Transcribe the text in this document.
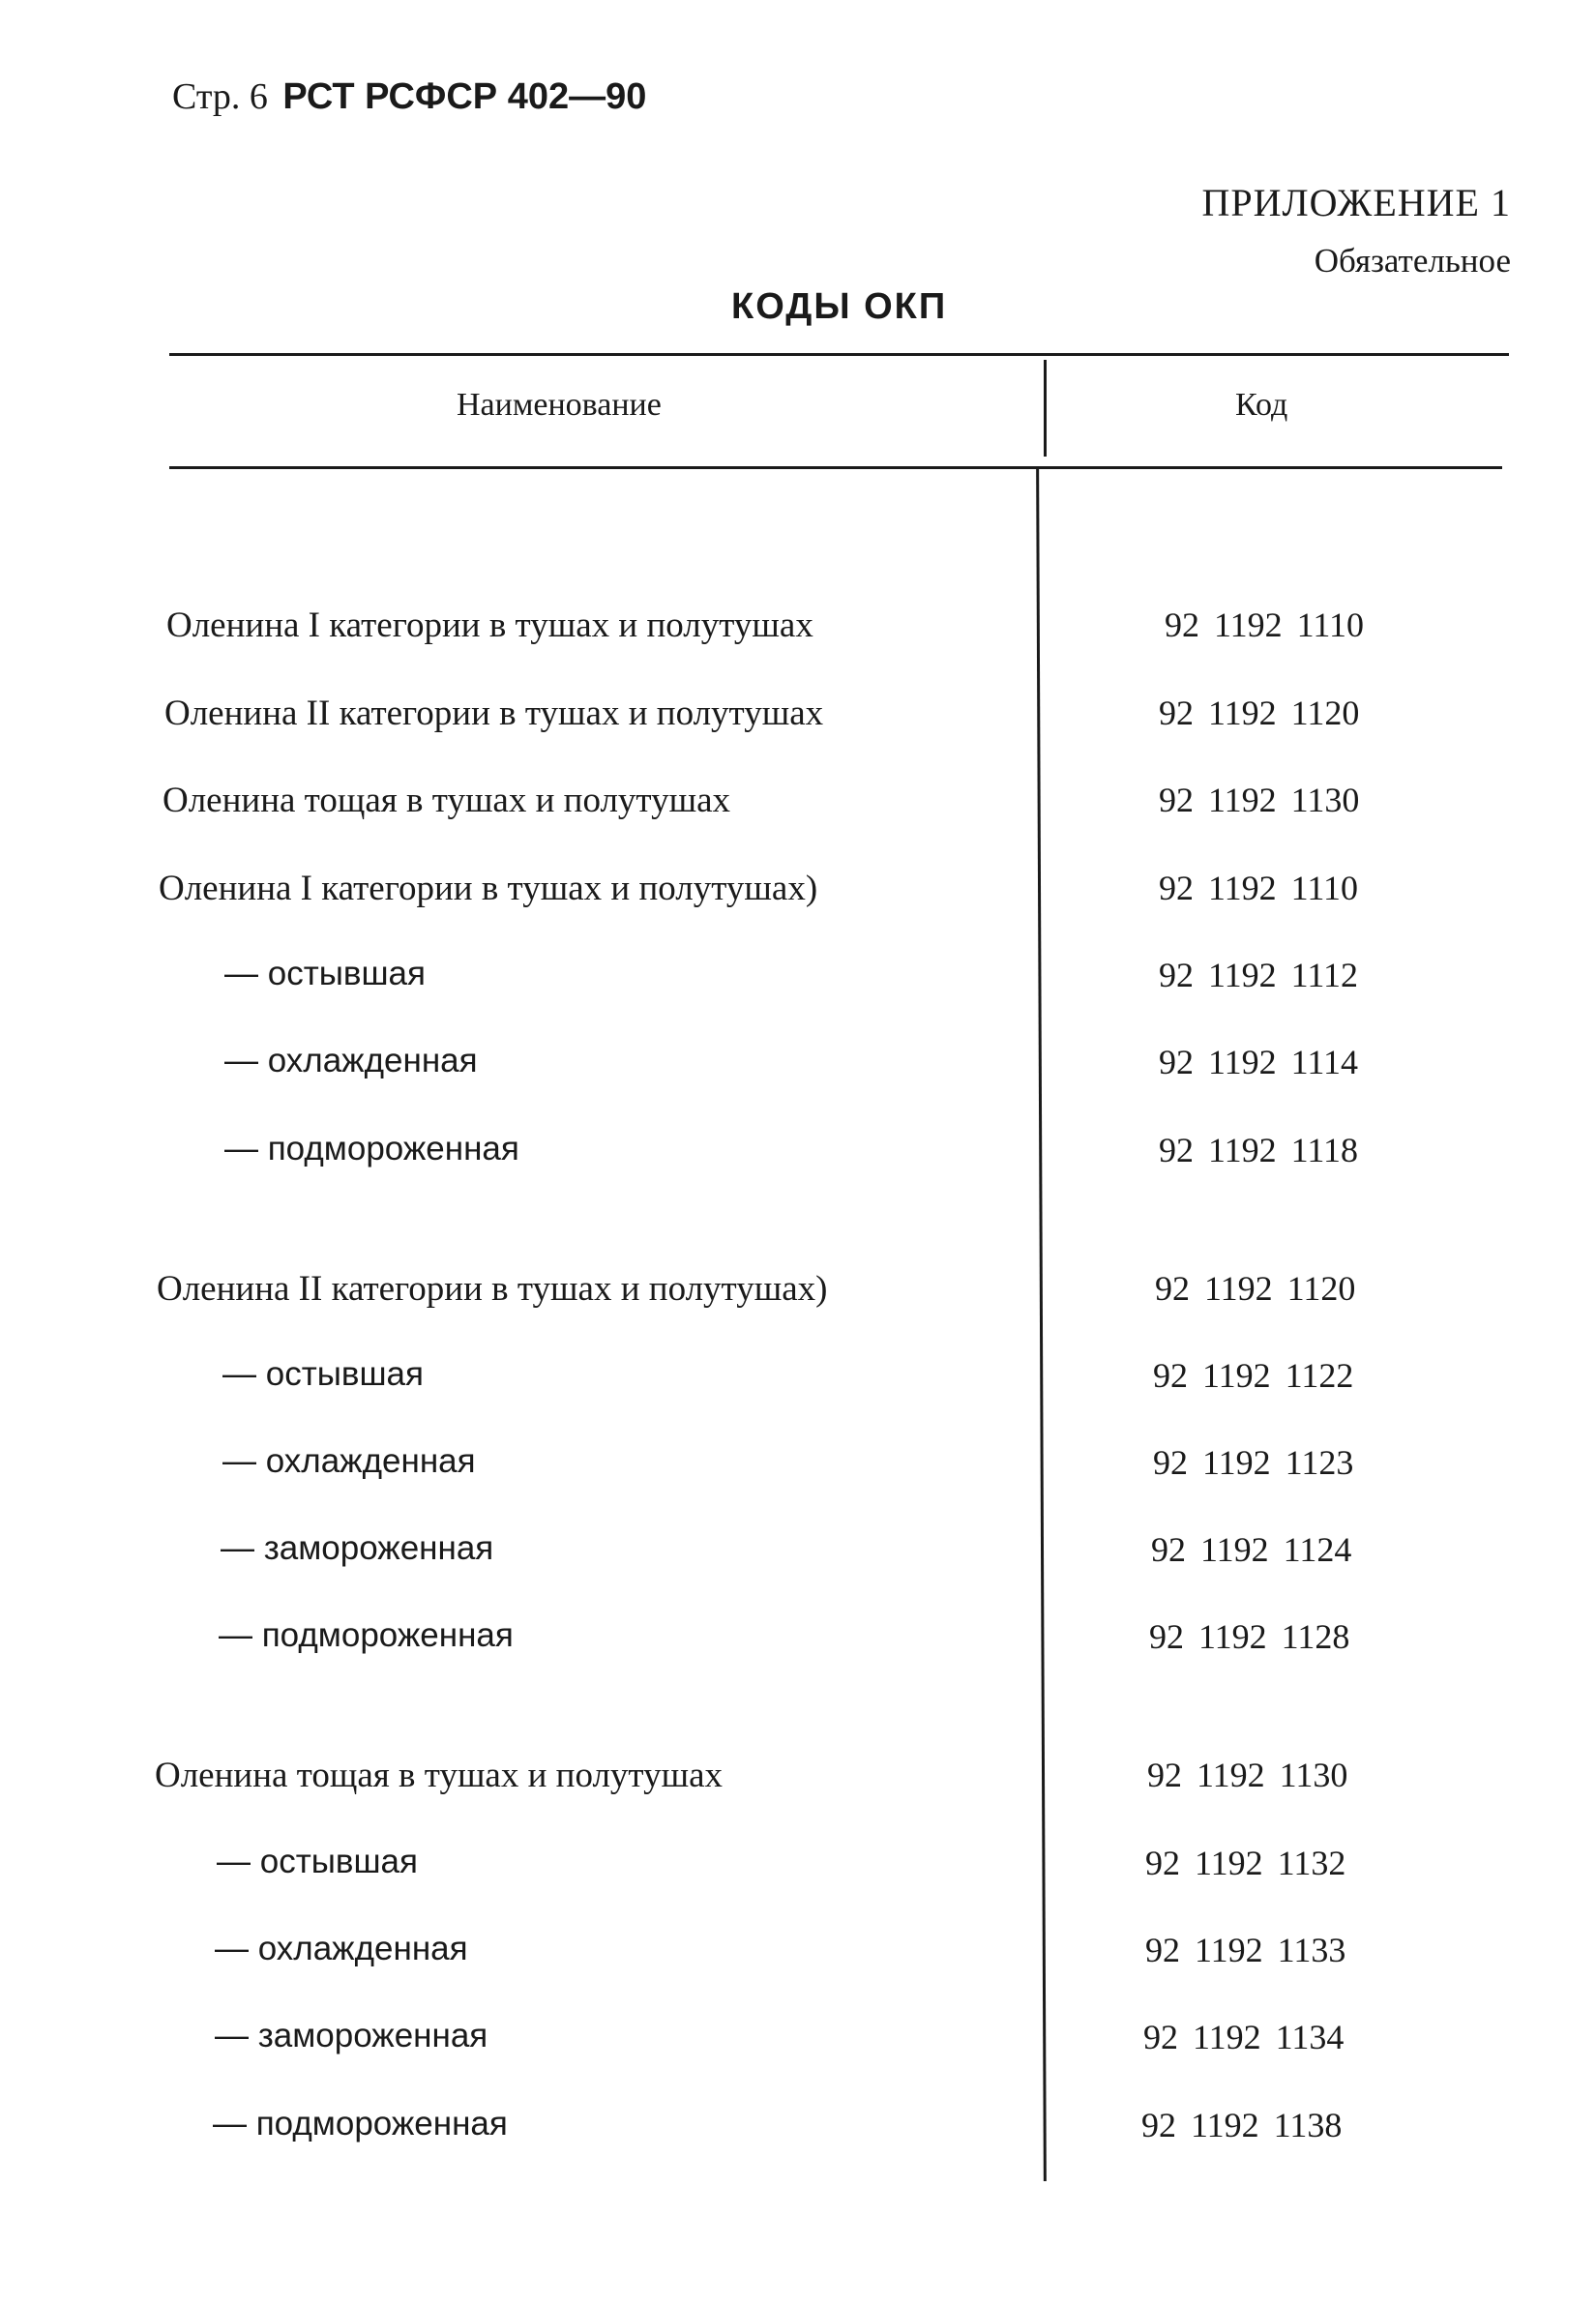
Стр. 6 РСТ РСФСР 402—90
ПРИЛОЖЕНИЕ 1
Обязательное
КОДЫ ОКП
Наименование	Код
Оленина I категории в тушах и полутушах	92 1192 1110
Оленина II категории в тушах и полутушах	92 1192 1120
Оленина тощая в тушах и полутушах	92 1192 1130
Оленина I категории в тушах и полутушах)	92 1192 1110
— остывшая	92 1192 1112
— охлажденная	92 1192 1114
— подмороженная	92 1192 1118
Оленина II категории в тушах и полутушах)	92 1192 1120
— остывшая	92 1192 1122
— охлажденная	92 1192 1123
— замороженная	92 1192 1124
— подмороженная	92 1192 1128
Оленина тощая в тушах и полутушах	92 1192 1130
— остывшая	92 1192 1132
— охлажденная	92 1192 1133
— замороженная	92 1192 1134
— подмороженная	92 1192 1138
